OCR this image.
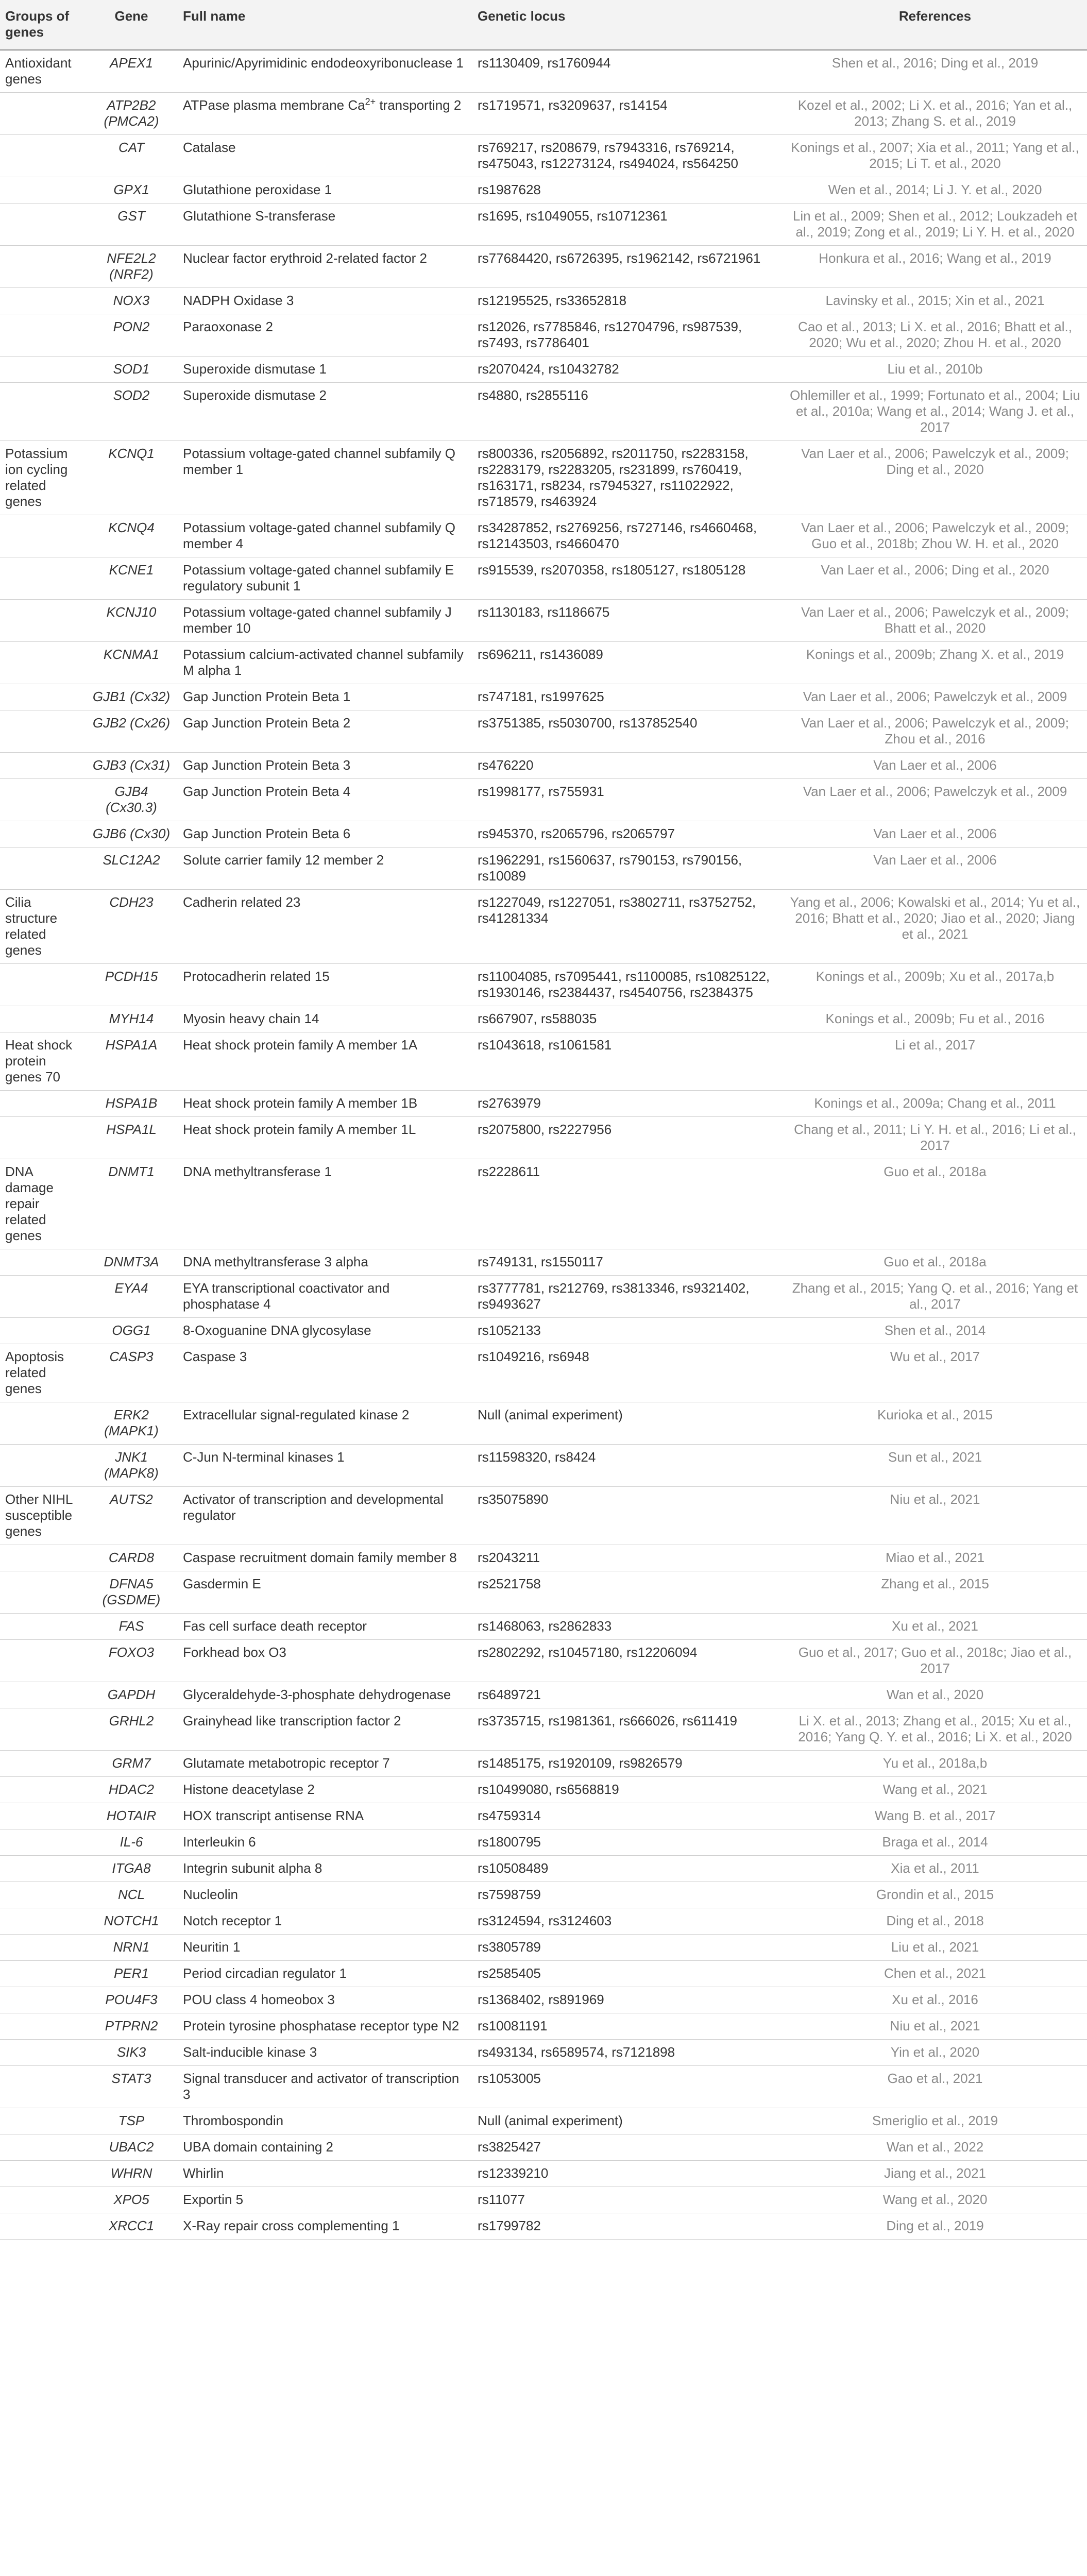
Groups of genes	Gene	Full name	Genetic locus	References
Antioxidant genes	APEX1	Apurinic/Apyrimidinic endodeoxyribonuclease 1	rs1130409, rs1760944	Shen et al., 2016; Ding et al., 2019
	ATP2B2 (PMCA2)	ATPase plasma membrane $Ca^{2+}$ transporting 2	rs1719571, rs3209637, rs14154	Kozel et al., 2002; Li X. et al., 2016; Yan et al., 2013; Zhang S. et al., 2019
	CAT	Catalase	rs769217, rs208679, rs7943316, rs769214, rs475043, rs12273124, rs494024, rs564250	Konings et al., 2007; Xia et al., 2011; Yang et al., 2015; Li T. et al., 2020
	GPX1	Glutathione peroxidase 1	rs1987628	Wen et al., 2014; Li J. Y. et al., 2020
	GST	Glutathione S-transferase	rs1695, rs1049055, rs10712361	Lin et al., 2009; Shen et al., 2012; Loukzadeh et al., 2019; Zong et al., 2019; Li Y. H. et al., 2020
	NFE2L2 (NRF2)	Nuclear factor erythroid 2-related factor 2	rs77684420, rs6726395, rs1962142, rs6721961	Honkura et al., 2016; Wang et al., 2019
	NOX3	NADPH Oxidase 3	rs12195525, rs33652818	Lavinsky et al., 2015; Xin et al., 2021
	PON2	Paraoxonase 2	rs12026, rs7785846, rs12704796, rs987539, rs7493, rs7786401	Cao et al., 2013; Li X. et al., 2016; Bhatt et al., 2020; Wu et al., 2020; Zhou H. et al., 2020
	SOD1	Superoxide dismutase 1	rs2070424, rs10432782	Liu et al., 2010b
	SOD2	Superoxide dismutase 2	rs4880, rs2855116	Ohlemiller et al., 1999; Fortunato et al., 2004; Liu et al., 2010a; Wang et al., 2014; Wang J. et al., 2017
Potassium ion cycling related genes	KCNQ1	Potassium voltage-gated channel subfamily Q member 1	rs800336, rs2056892, rs2011750, rs2283158, rs2283179, rs2283205, rs231899, rs760419, rs163171, rs8234, rs7945327, rs11022922, rs718579, rs463924	Van Laer et al., 2006; Pawelczyk et al., 2009; Ding et al., 2020
	KCNQ4	Potassium voltage-gated channel subfamily Q member 4	rs34287852, rs2769256, rs727146, rs4660468, rs12143503, rs4660470	Van Laer et al., 2006; Pawelczyk et al., 2009; Guo et al., 2018b; Zhou W. H. et al., 2020
	KCNE1	Potassium voltage-gated channel subfamily E regulatory subunit 1	rs915539, rs2070358, rs1805127, rs1805128	Van Laer et al., 2006; Ding et al., 2020
	KCNJ10	Potassium voltage-gated channel subfamily J member 10	rs1130183, rs1186675	Van Laer et al., 2006; Pawelczyk et al., 2009; Bhatt et al., 2020
	KCNMA1	Potassium calcium-activated channel subfamily M alpha 1	rs696211, rs1436089	Konings et al., 2009b; Zhang X. et al., 2019
	GJB1 (Cx32)	Gap Junction Protein Beta 1	rs747181, rs1997625	Van Laer et al., 2006; Pawelczyk et al., 2009
	GJB2 (Cx26)	Gap Junction Protein Beta 2	rs3751385, rs5030700, rs137852540	Van Laer et al., 2006; Pawelczyk et al., 2009; Zhou et al., 2016
	GJB3 (Cx31)	Gap Junction Protein Beta 3	rs476220	Van Laer et al., 2006
	GJB4 (Cx30.3)	Gap Junction Protein Beta 4	rs1998177, rs755931	Van Laer et al., 2006; Pawelczyk et al., 2009
	GJB6 (Cx30)	Gap Junction Protein Beta 6	rs945370, rs2065796, rs2065797	Van Laer et al., 2006
	SLC12A2	Solute carrier family 12 member 2	rs1962291, rs1560637, rs790153, rs790156, rs10089	Van Laer et al., 2006
Cilia structure related genes	CDH23	Cadherin related 23	rs1227049, rs1227051, rs3802711, rs3752752, rs41281334	Yang et al., 2006; Kowalski et al., 2014; Yu et al., 2016; Bhatt et al., 2020; Jiao et al., 2020; Jiang et al., 2021
	PCDH15	Protocadherin related 15	rs11004085, rs7095441, rs1100085, rs10825122, rs1930146, rs2384437, rs4540756, rs2384375	Konings et al., 2009b; Xu et al., 2017a,b
	MYH14	Myosin heavy chain 14	rs667907, rs588035	Konings et al., 2009b; Fu et al., 2016
Heat shock protein genes 70	HSPA1A	Heat shock protein family A member 1A	rs1043618, rs1061581	Li et al., 2017
	HSPA1B	Heat shock protein family A member 1B	rs2763979	Konings et al., 2009a; Chang et al., 2011
	HSPA1L	Heat shock protein family A member 1L	rs2075800, rs2227956	Chang et al., 2011; Li Y. H. et al., 2016; Li et al., 2017
DNA damage repair related genes	DNMT1	DNA methyltransferase 1	rs2228611	Guo et al., 2018a
	DNMT3A	DNA methyltransferase 3 alpha	rs749131, rs1550117	Guo et al., 2018a
	EYA4	EYA transcriptional coactivator and phosphatase 4	rs3777781, rs212769, rs3813346, rs9321402, rs9493627	Zhang et al., 2015; Yang Q. et al., 2016; Yang et al., 2017
	OGG1	8-Oxoguanine DNA glycosylase	rs1052133	Shen et al., 2014
Apoptosis related genes	CASP3	Caspase 3	rs1049216, rs6948	Wu et al., 2017
	ERK2 (MAPK1)	Extracellular signal-regulated kinase 2	Null (animal experiment)	Kurioka et al., 2015
	JNK1 (MAPK8)	C-Jun N-terminal kinases 1	rs11598320, rs8424	Sun et al., 2021
Other NIHL susceptible genes	AUTS2	Activator of transcription and developmental regulator	rs35075890	Niu et al., 2021
	CARD8	Caspase recruitment domain family member 8	rs2043211	Miao et al., 2021
	DFNA5 (GSDME)	Gasdermin E	rs2521758	Zhang et al., 2015
	FAS	Fas cell surface death receptor	rs1468063, rs2862833	Xu et al., 2021
	FOXO3	Forkhead box O3	rs2802292, rs10457180, rs12206094	Guo et al., 2017; Guo et al., 2018c; Jiao et al., 2017
	GAPDH	Glyceraldehyde-3-phosphate dehydrogenase	rs6489721	Wan et al., 2020
	GRHL2	Grainyhead like transcription factor 2	rs3735715, rs1981361, rs666026, rs611419	Li X. et al., 2013; Zhang et al., 2015; Xu et al., 2016; Yang Q. Y. et al., 2016; Li X. et al., 2020
	GRM7	Glutamate metabotropic receptor 7	rs1485175, rs1920109, rs9826579	Yu et al., 2018a,b
	HDAC2	Histone deacetylase 2	rs10499080, rs6568819	Wang et al., 2021
	HOTAIR	HOX transcript antisense RNA	rs4759314	Wang B. et al., 2017
	IL-6	Interleukin 6	rs1800795	Braga et al., 2014
	ITGA8	Integrin subunit alpha 8	rs10508489	Xia et al., 2011
	NCL	Nucleolin	rs7598759	Grondin et al., 2015
	NOTCH1	Notch receptor 1	rs3124594, rs3124603	Ding et al., 2018
	NRN1	Neuritin 1	rs3805789	Liu et al., 2021
	PER1	Period circadian regulator 1	rs2585405	Chen et al., 2021
	POU4F3	POU class 4 homeobox 3	rs1368402, rs891969	Xu et al., 2016
	PTPRN2	Protein tyrosine phosphatase receptor type N2	rs10081191	Niu et al., 2021
	SIK3	Salt-inducible kinase 3	rs493134, rs6589574, rs7121898	Yin et al., 2020
	STAT3	Signal transducer and activator of transcription 3	rs1053005	Gao et al., 2021
	TSP	Thrombospondin	Null (animal experiment)	Smeriglio et al., 2019
	UBAC2	UBA domain containing 2	rs3825427	Wan et al., 2022
	WHRN	Whirlin	rs12339210	Jiang et al., 2021
	XPO5	Exportin 5	rs11077	Wang et al., 2020
	XRCC1	X-Ray repair cross complementing 1	rs1799782	Ding et al., 2019
